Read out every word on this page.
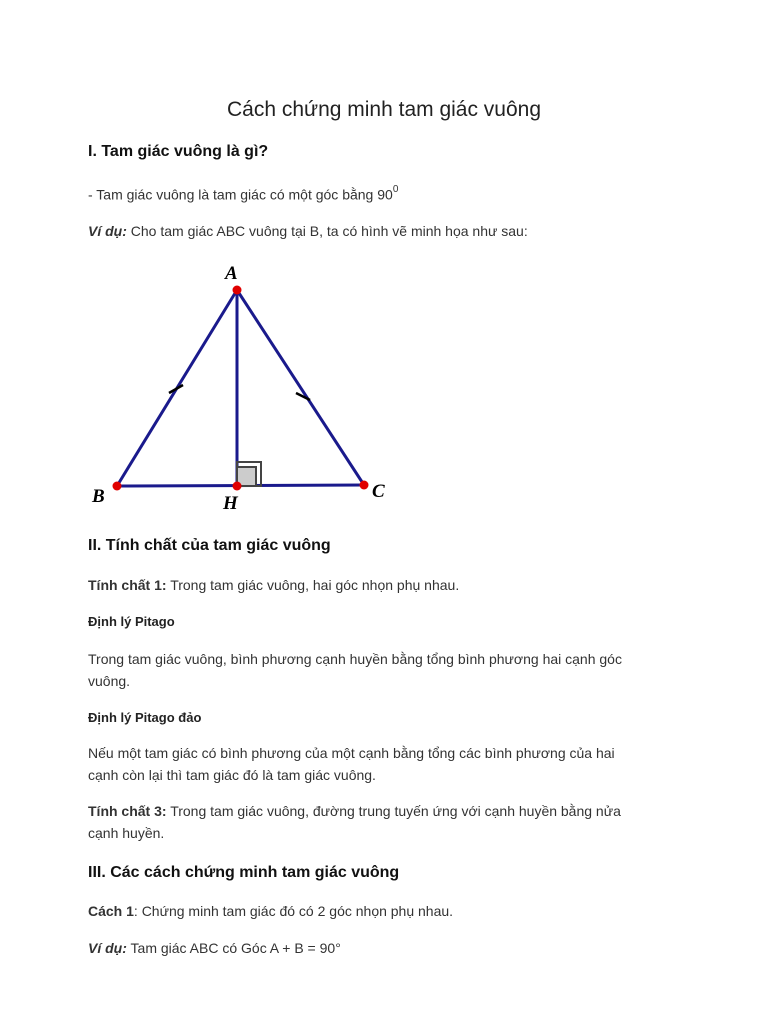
Cách chứng minh tam giác vuông
I. Tam giác vuông là gì?
- Tam giác vuông là tam giác có một góc bằng $90^0$
Ví dụ: Cho tam giác ABC vuông tại B, ta có hình vẽ minh họa như sau:
A
B	C
H
II. Tính chất của tam giác vuông
Tính chất 1: Trong tam giác vuông, hai góc nhọn phụ nhau.
Định lý Pitago
Trong tam giác vuông, bình phương cạnh huyền bằng tổng bình phương hai cạnh góc
vuông.
Định lý Pitago đảo
Nếu một tam giác có bình phương của một cạnh bằng tổng các bình phương của hai
cạnh còn lại thì tam giác đó là tam giác vuông.
Tính chất 3: Trong tam giác vuông, đường trung tuyến ứng với cạnh huyền bằng nửa
cạnh huyền.
III. Các cách chứng minh tam giác vuông
Cách 1: Chứng minh tam giác đó có 2 góc nhọn phụ nhau.
Ví dụ: Tam giác ABC có Góc A + B = 90°
